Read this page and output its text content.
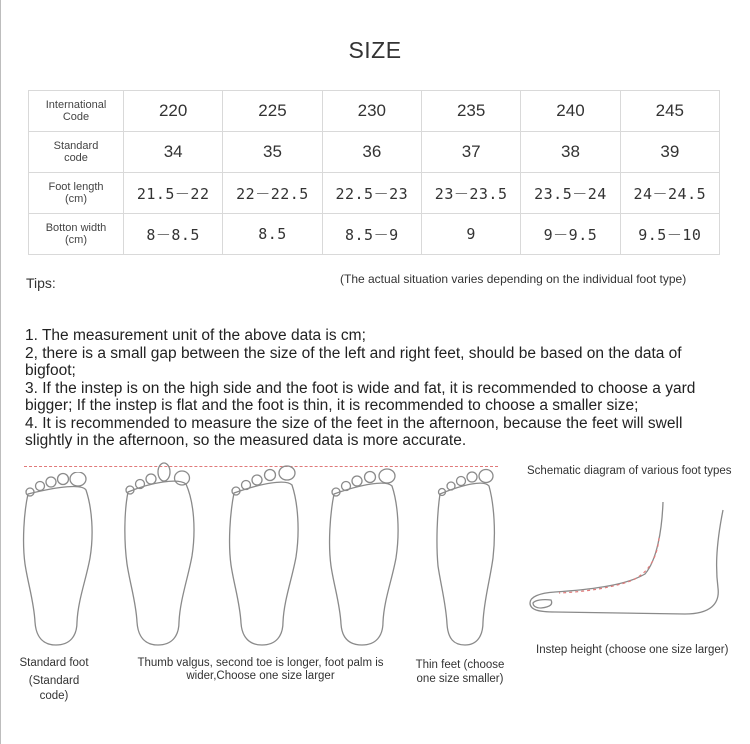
SIZE
International
Code	220	225	230	235	240	245
Standard
code	34	35	36	37	38	39
Foot length
(cm)	21.5－22	22－22.5	22.5－23	23－23.5	23.5－24	24－24.5
Botton width
(cm)	8－8.5	8.5	8.5－9	9	9－9.5	9.5－10
Tips:	(The actual situation varies depending on the individual foot type)

1. The measurement unit of the above data is cm;

2, there is a small gap between the size of the left and right feet, should be based on the data of bigfoot;

3. If the instep is on the high side and the foot is wide and fat, it is recommended to choose a yard bigger; If the instep is flat and the foot is thin, it is recommended to choose a smaller size;

4. It is recommended to measure the size of the feet in the afternoon, because the feet will swell slightly in the afternoon, so the measured data is more accurate.

Standard foot
(Standard code)
Thumb valgus, second toe is longer, foot palm is
wider,Choose one size larger
Thin feet (choose
one size smaller)
Schematic diagram of various foot types
Instep height (choose one size larger)
